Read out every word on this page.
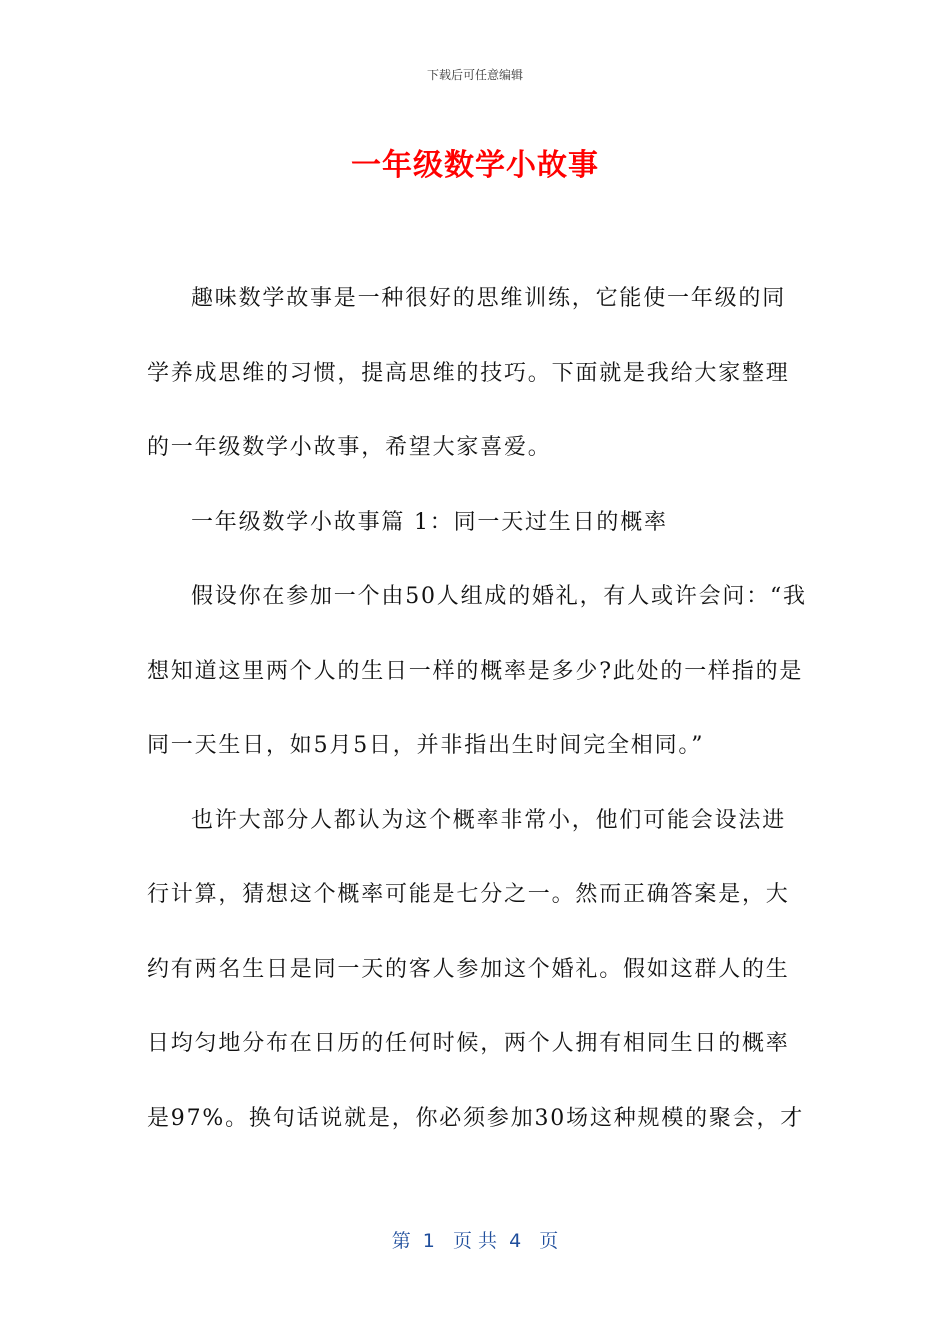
下载后可任意编辑
一年级数学小故事

趣味数学故事是一种很好的思维训练，它能使一年级的同学养成思维的习惯，提高思维的技巧。下面就是我给大家整理的一年级数学小故事，希望大家喜爱。

一年级数学小故事篇 1：同一天过生日的概率

假设你在参加一个由50人组成的婚礼，有人或许会问：“我想知道这里两个人的生日一样的概率是多少?此处的一样指的是同一天生日，如5月5日，并非指出生时间完全相同。”

也许大部分人都认为这个概率非常小，他们可能会设法进行计算，猜想这个概率可能是七分之一。然而正确答案是，大约有两名生日是同一天的客人参加这个婚礼。假如这群人的生日均匀地分布在日历的任何时候，两个人拥有相同生日的概率是97%。换句话说就是，你必须参加30场这种规模的聚会，才

第  1   页 共  4   页
